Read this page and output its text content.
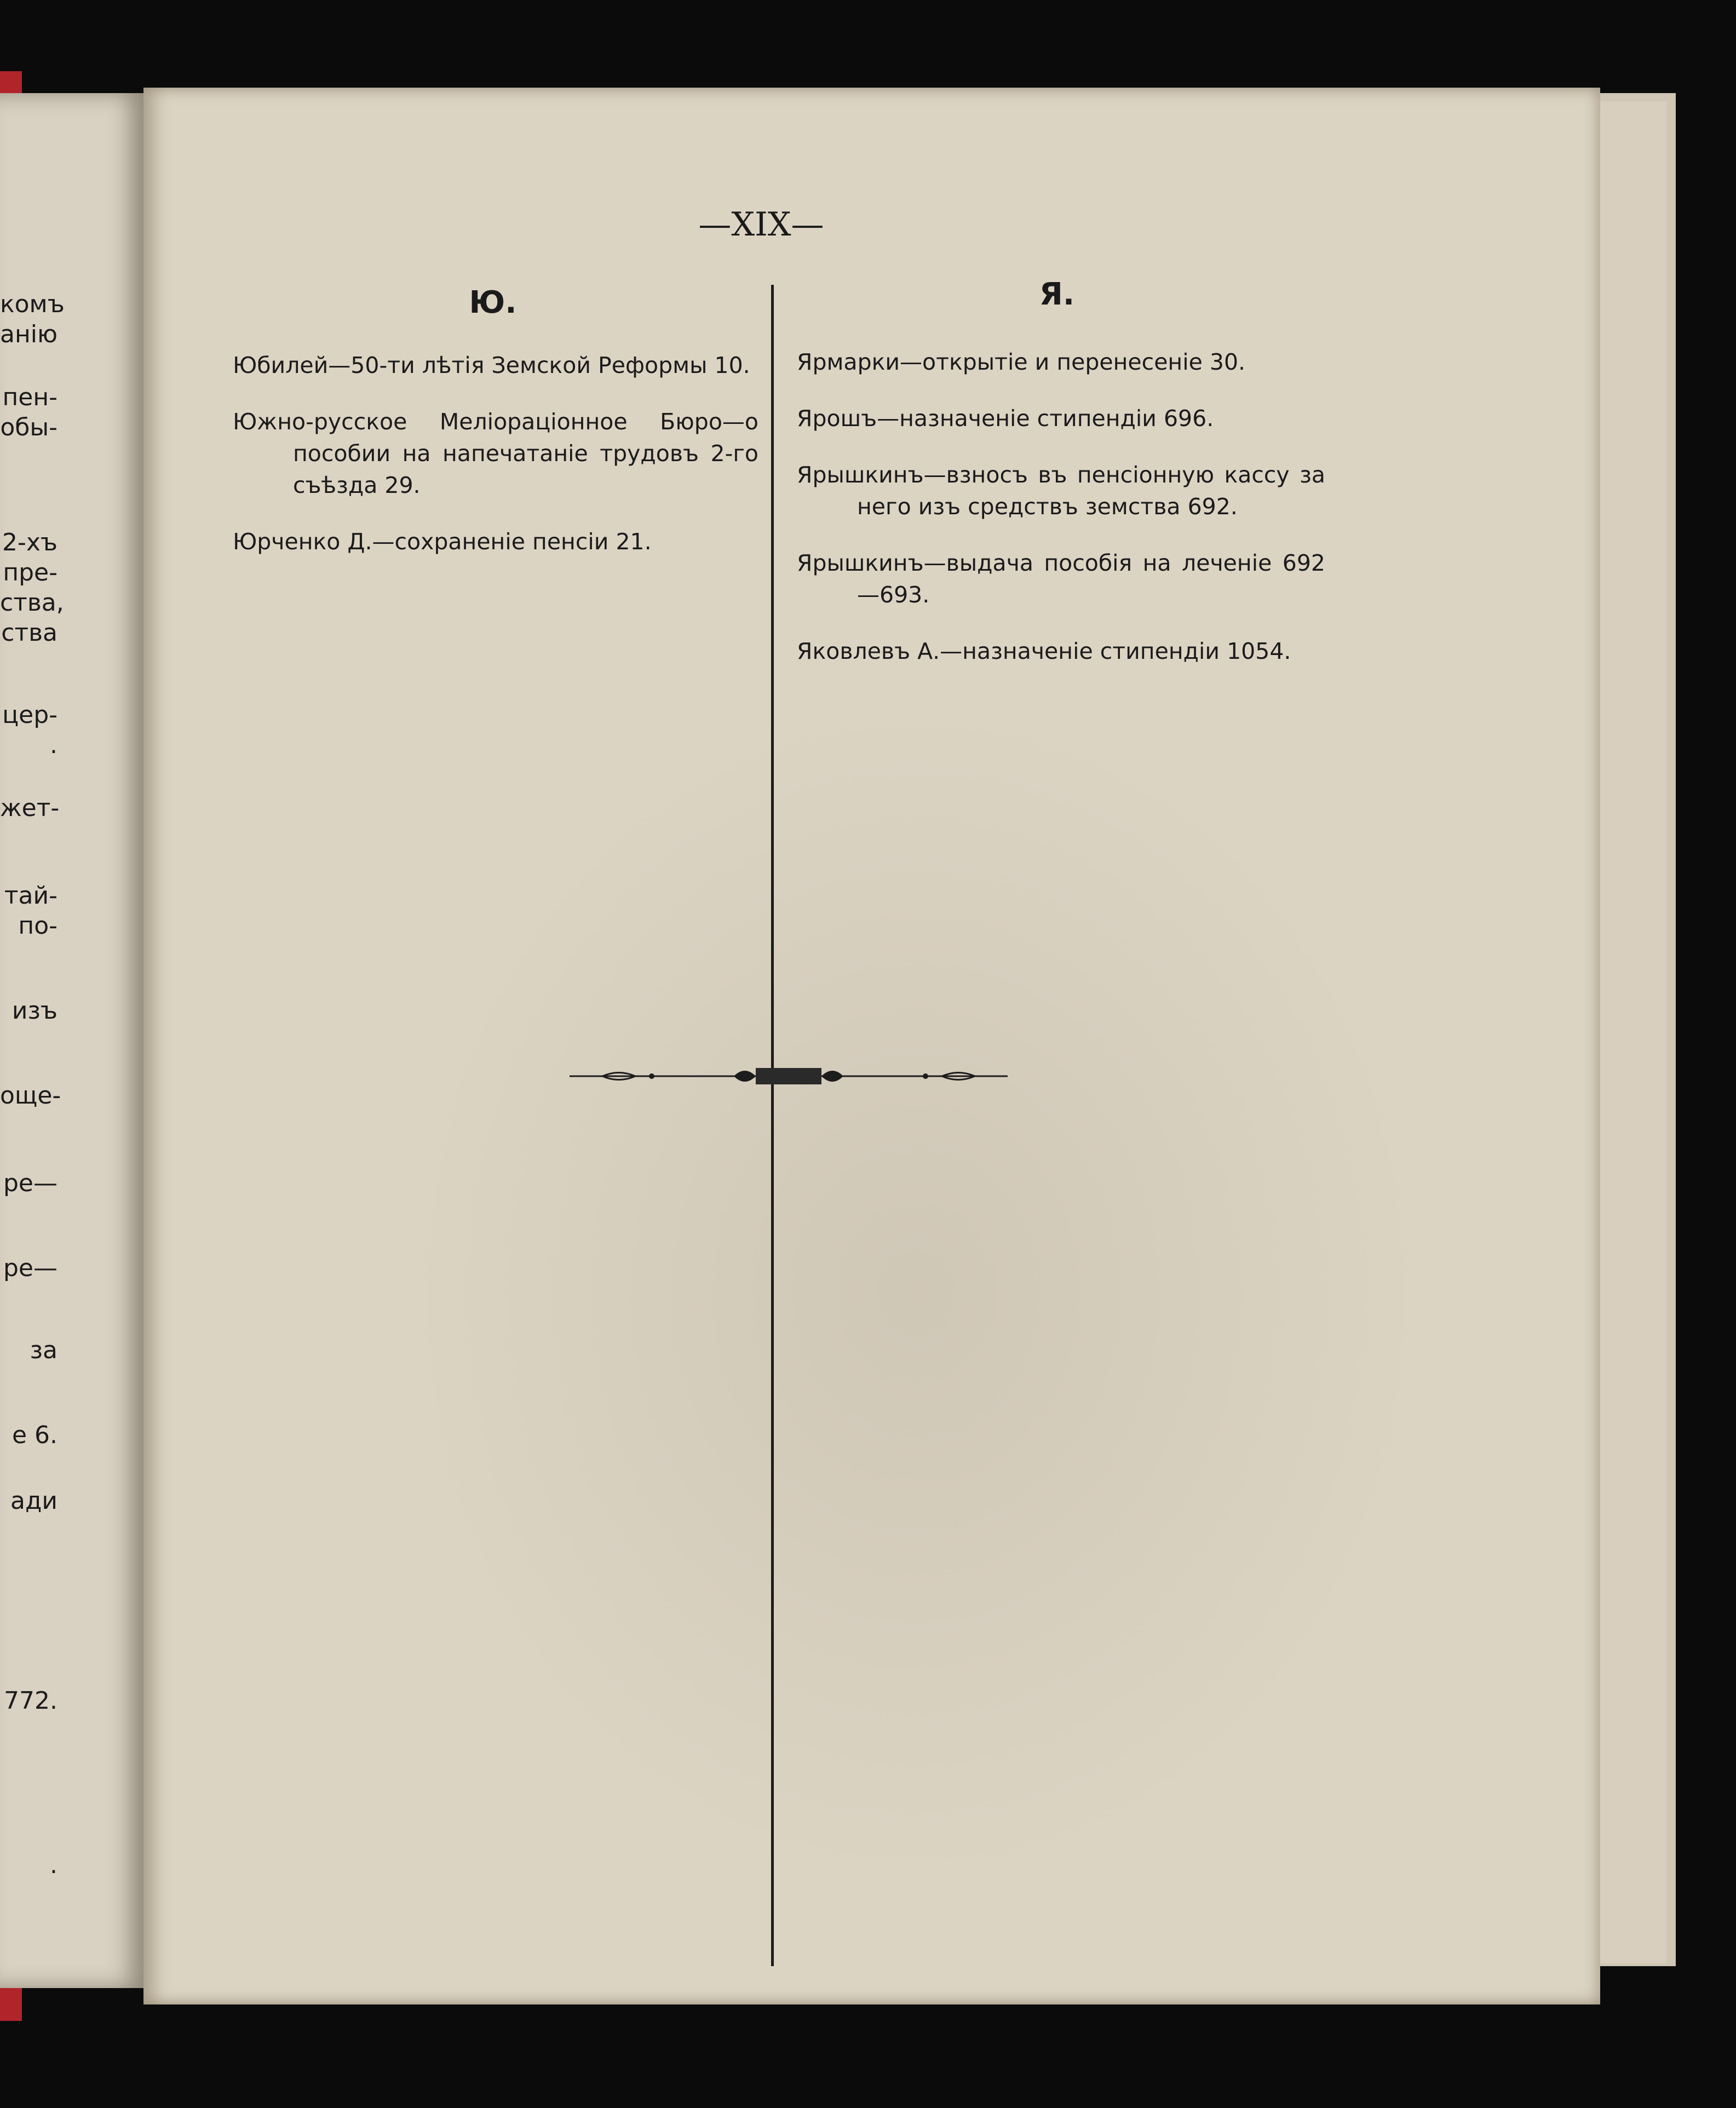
—XIX—
Ю.	Я.
Юбилей—50-ти лѣтія Земской Реформы 10.
Южно-русское Мелiорацiонное Бюро—о пособии на напечатаніе трудовъ 2-го съѣзда 29.
Юрченко Д.—сохраненіе пенсіи 21.
Ярмарки—открытіе и перенесеніе 30.
Ярошъ—назначеніе стипендіи 696.
Ярышкинъ—взносъ въ пенсіонную кассу за него изъ средствъ земства 692.
Ярышкинъ—выдача пособія на леченіе 692—693.
Яковлевъ А.—назначеніе стипендіи 1054.
комъ
анію
пен-
обы-
2-хъ
пре-
ства,
ства
цер-
.
жет-
тай-
по-
изъ
още-
ре—
ре—
за
е 6.
ади
772.
.
